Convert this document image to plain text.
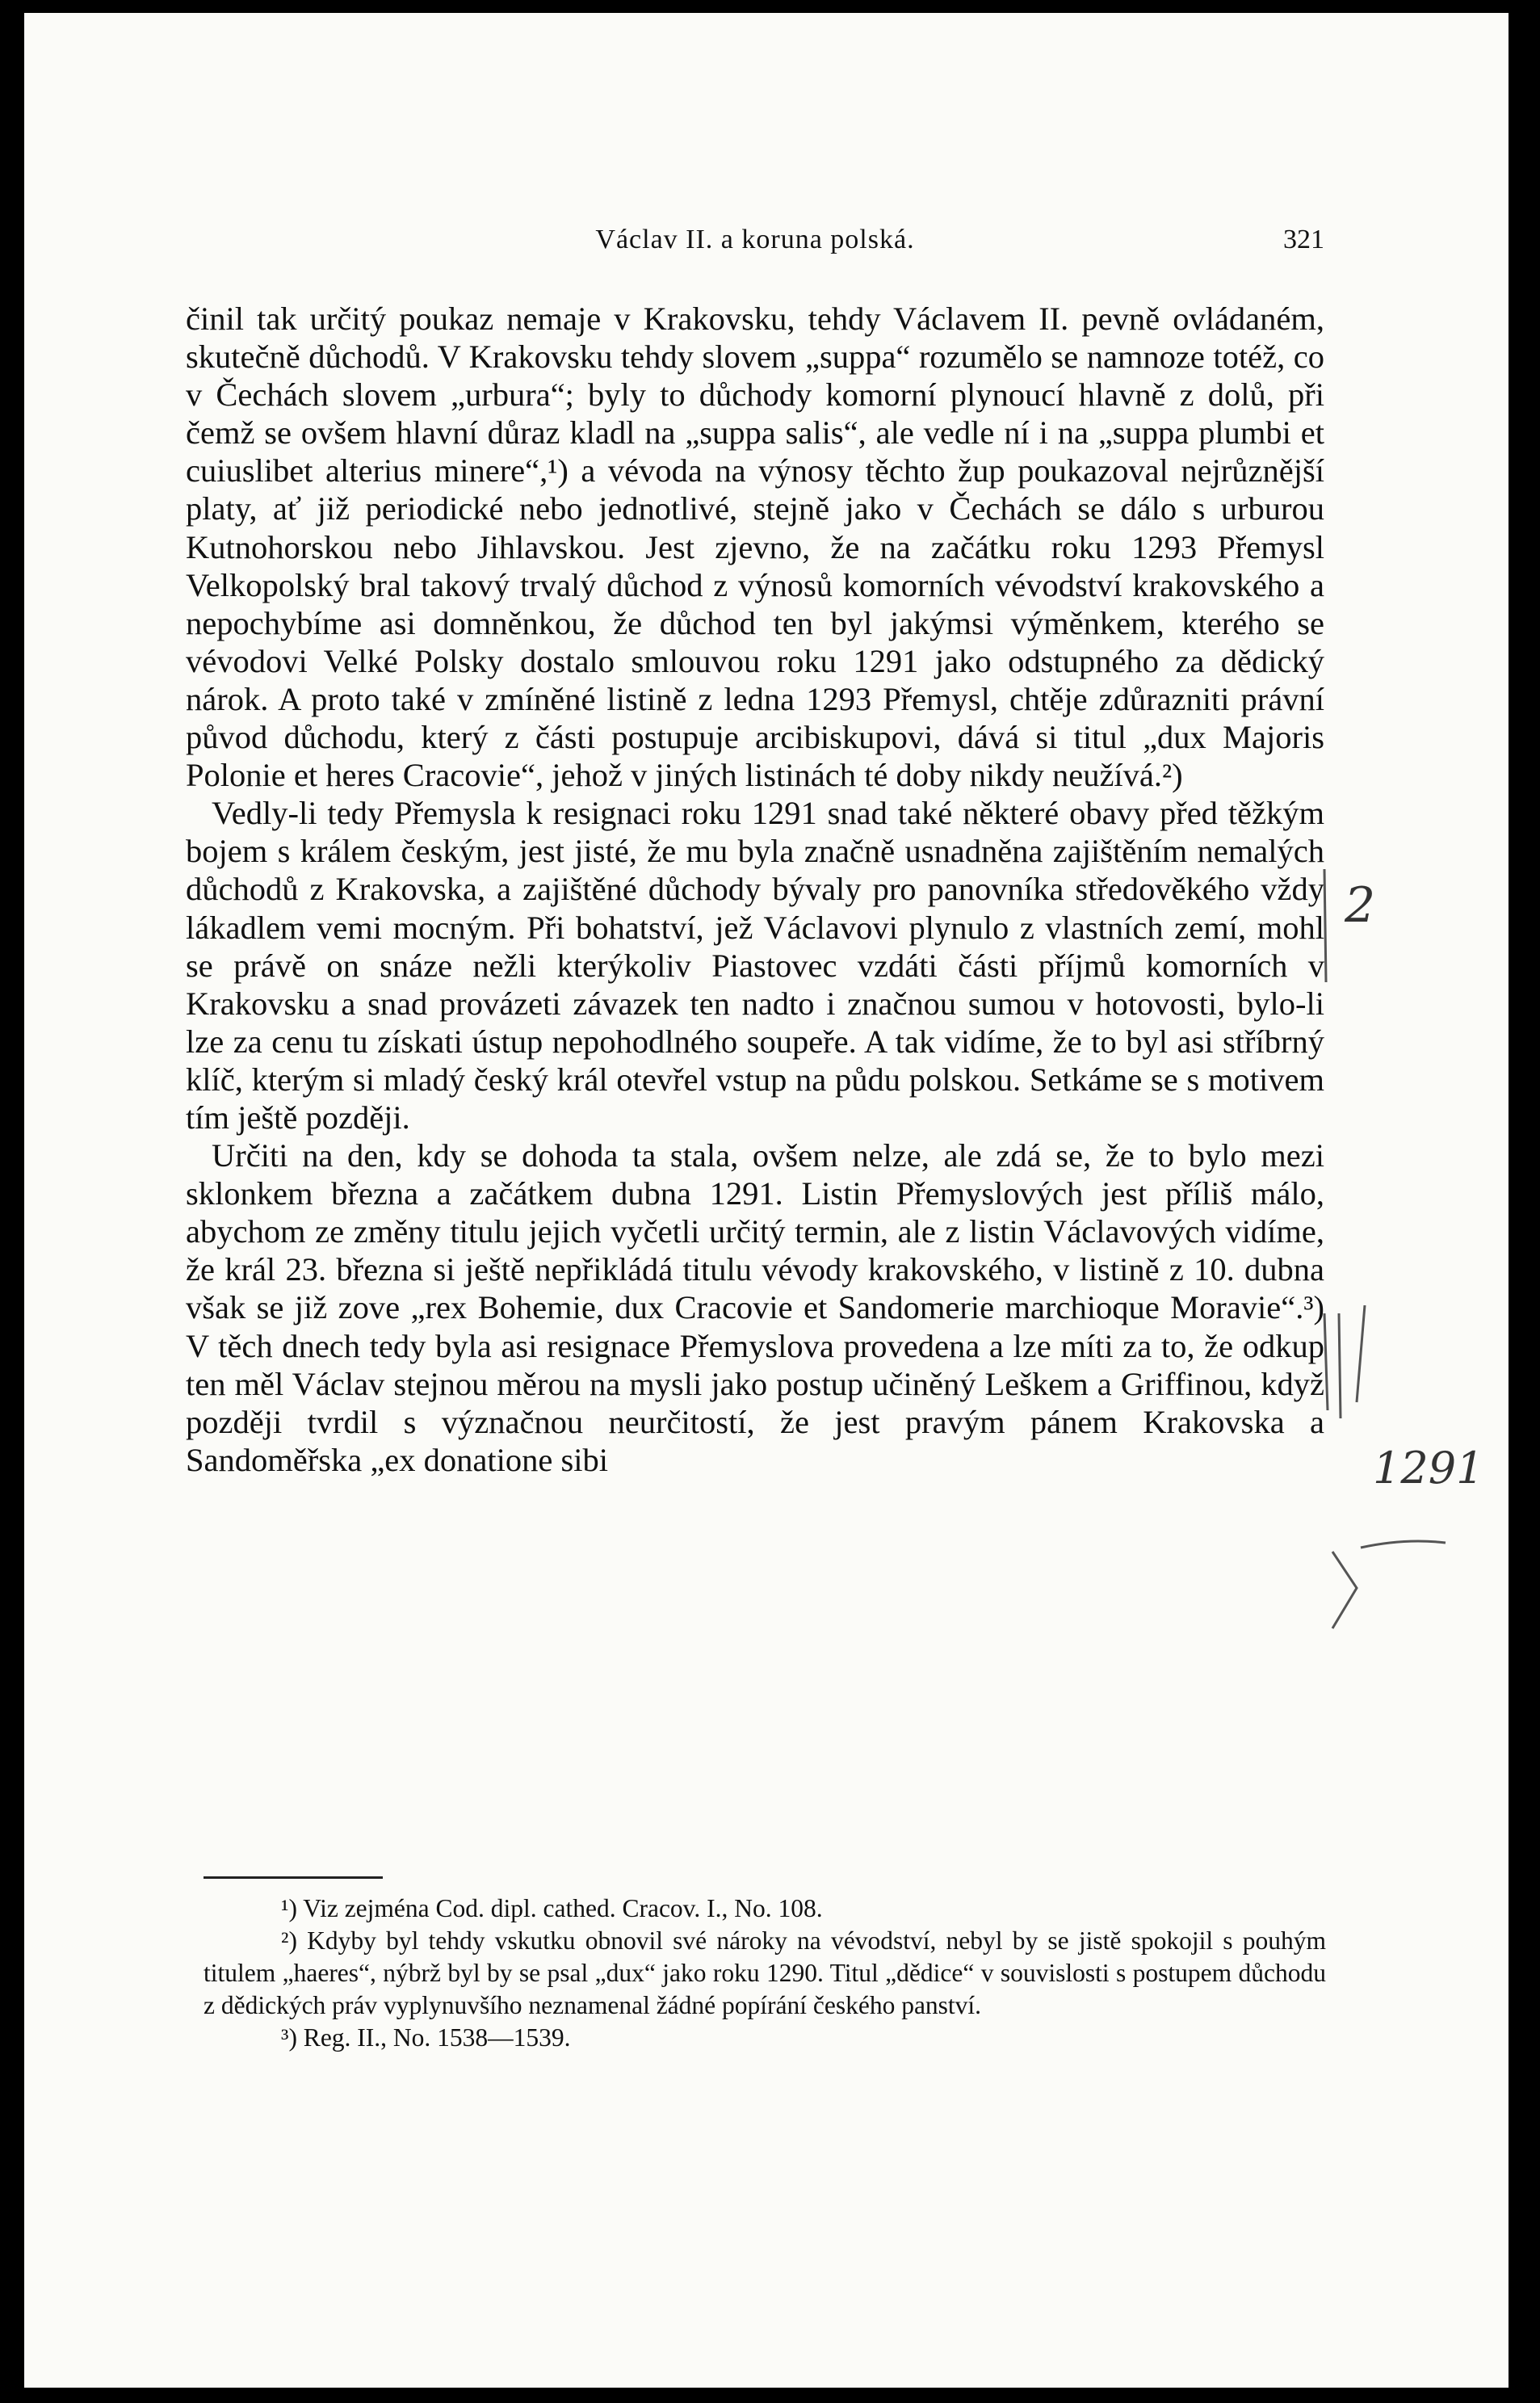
Václav II. a koruna polská.	321

činil tak určitý poukaz nemaje v Krakovsku, tehdy Václavem II. pevně ovládaném, skutečně důchodů. V Krakovsku tehdy slovem „suppa“ rozumělo se namnoze totéž, co v Čechách slovem „urbura“; byly to důchody komorní plynoucí hlavně z dolů, při čemž se ovšem hlavní důraz kladl na „suppa salis“, ale vedle ní i na „suppa plumbi et cuiuslibet alterius minere“,¹) a vévoda na výnosy těchto žup poukazoval nejrůznější platy, ať již periodické nebo jednotlivé, stejně jako v Čechách se dálo s urburou Kutnohorskou nebo Jihlavskou. Jest zjevno, že na začátku roku 1293 Přemysl Velkopolský bral takový trvalý důchod z výnosů komorních vévodství krakovského a nepochybíme asi domněnkou, že důchod ten byl jakýmsi výměnkem, kterého se vévodovi Velké Polsky dostalo smlouvou roku 1291 jako odstupného za dědický nárok. A proto také v zmíněné listině z ledna 1293 Přemysl, chtěje zdůrazniti právní původ důchodu, který z části postupuje arcibiskupovi, dává si titul „dux Majoris Polonie et heres Cracovie“, jehož v jiných listinách té doby nikdy neužívá.²)

Vedly-li tedy Přemysla k resignaci roku 1291 snad také některé obavy před těžkým bojem s králem českým, jest jisté, že mu byla značně usnadněna zajištěním nemalých důchodů z Krakovska, a zajištěné důchody bývaly pro panovníka středověkého vždy lákadlem vemi mocným. Při bohatství, jež Václavovi plynulo z vlastních zemí, mohl se právě on snáze nežli kterýkoliv Piastovec vzdáti části příjmů komorních v Krakovsku a snad provázeti závazek ten nadto i značnou sumou v hotovosti, bylo-li lze za cenu tu získati ústup nepohodlného soupeře. A tak vidíme, že to byl asi stříbrný klíč, kterým si mladý český král otevřel vstup na půdu polskou. Setkáme se s motivem tím ještě později.

Určiti na den, kdy se dohoda ta stala, ovšem nelze, ale zdá se, že to bylo mezi sklonkem března a začátkem dubna 1291. Listin Přemyslových jest příliš málo, abychom ze změny titulu jejich vyčetli určitý termin, ale z listin Václavových vidíme, že král 23. března si ještě nepřikládá titulu vévody krakovského, v listině z 10. dubna však se již zove „rex Bohemie, dux Cracovie et Sandomerie marchioque Moravie“.³) V těch dnech tedy byla asi resignace Přemyslova provedena a lze míti za to, že odkup ten měl Václav stejnou měrou na mysli jako postup učiněný Leškem a Griffinou, když později tvrdil s význačnou neurčitostí, že jest pravým pánem Krakovska a Sandoměřska „ex donatione sibi

¹) Viz zejména Cod. dipl. cathed. Cracov. I., No. 108.

²) Kdyby byl tehdy vskutku obnovil své nároky na vévodství, nebyl by se jistě spokojil s pouhým titulem „haeres“, nýbrž byl by se psal „dux“ jako roku 1290. Titul „dědice“ v souvislosti s postupem důchodu z dědických práv vyplynuvšího neznamenal žádné popírání českého panství.

³) Reg. II., No. 1538—1539.

2
1291
